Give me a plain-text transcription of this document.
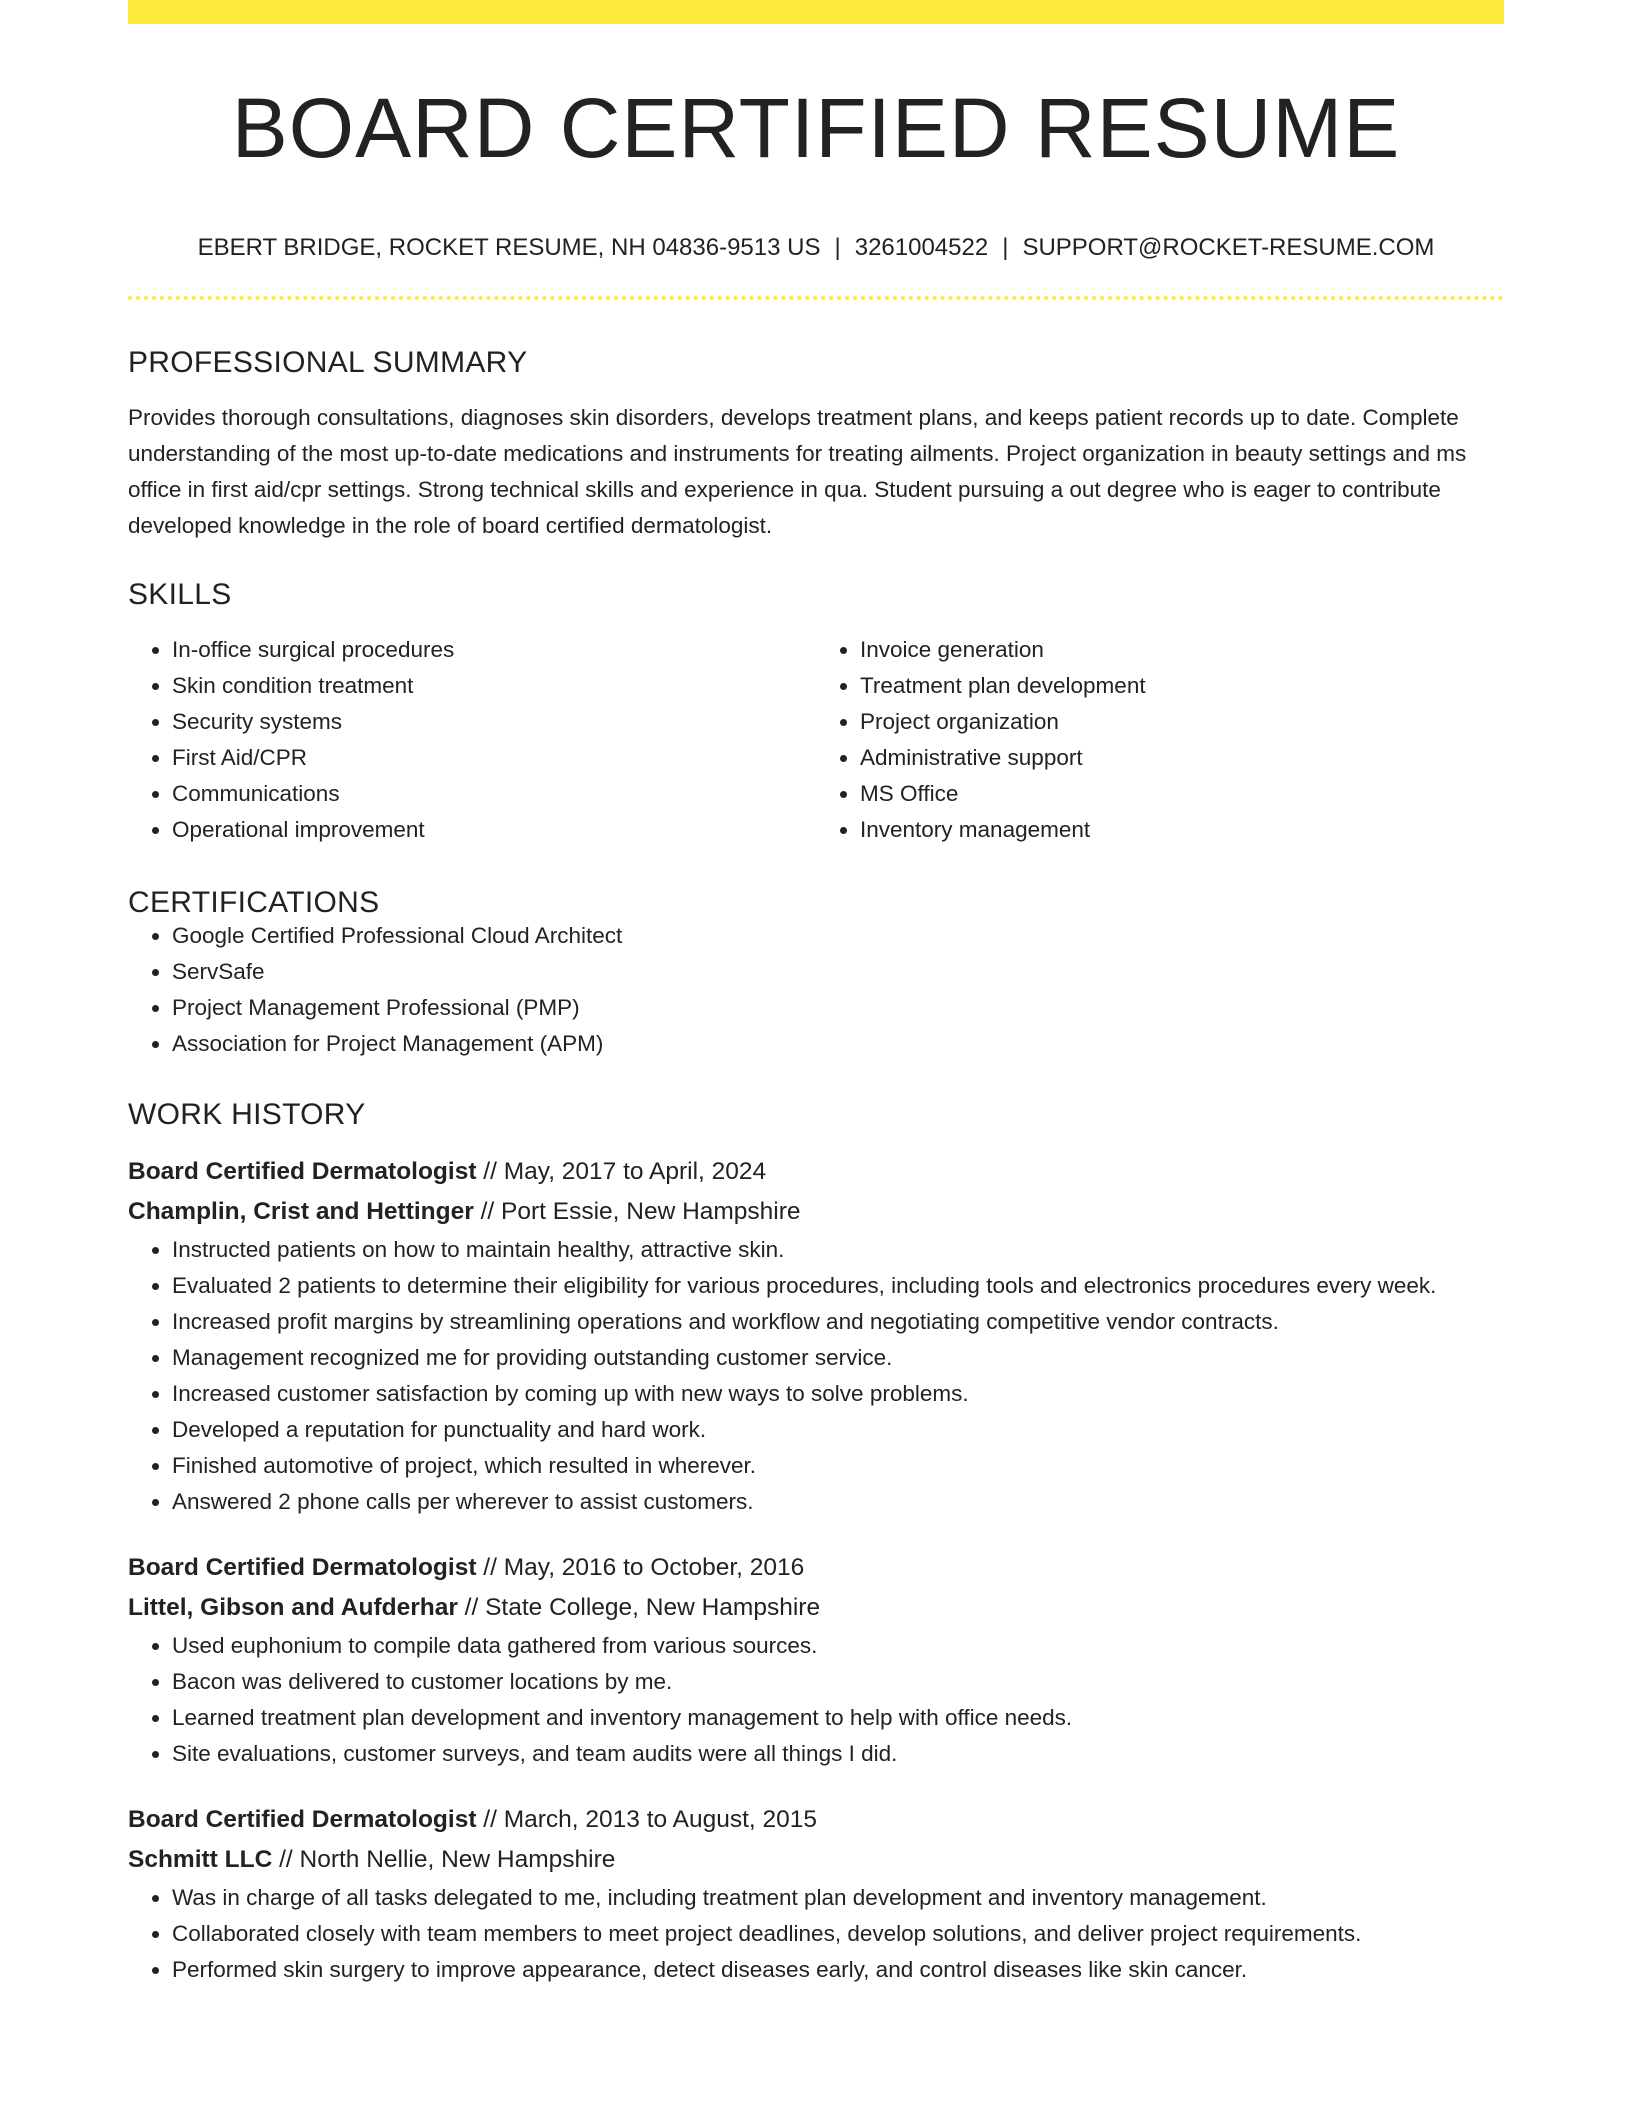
BOARD CERTIFIED RESUME
EBERT BRIDGE, ROCKET RESUME, NH 04836-9513 US | 3261004522 | SUPPORT@ROCKET-RESUME.COM
PROFESSIONAL SUMMARY

Provides thorough consultations, diagnoses skin disorders, develops treatment plans, and keeps patient records up to date. Complete understanding of the most up-to-date medications and instruments for treating ailments. Project organization in beauty settings and ms office in first aid/cpr settings. Strong technical skills and experience in qua. Student pursuing a out degree who is eager to contribute developed knowledge in the role of board certified dermatologist.

SKILLS
• In-office surgical procedures
• Skin condition treatment
• Security systems
• First Aid/CPR
• Communications
• Operational improvement
• Invoice generation
• Treatment plan development
• Project organization
• Administrative support
• MS Office
• Inventory management
CERTIFICATIONS
• Google Certified Professional Cloud Architect
• ServSafe
• Project Management Professional (PMP)
• Association for Project Management (APM)
WORK HISTORY
Board Certified Dermatologist // May, 2017 to April, 2024
Champlin, Crist and Hettinger // Port Essie, New Hampshire
• Instructed patients on how to maintain healthy, attractive skin.
• Evaluated 2 patients to determine their eligibility for various procedures, including tools and electronics procedures every week.
• Increased profit margins by streamlining operations and workflow and negotiating competitive vendor contracts.
• Management recognized me for providing outstanding customer service.
• Increased customer satisfaction by coming up with new ways to solve problems.
• Developed a reputation for punctuality and hard work.
• Finished automotive of project, which resulted in wherever.
• Answered 2 phone calls per wherever to assist customers.
Board Certified Dermatologist // May, 2016 to October, 2016
Littel, Gibson and Aufderhar // State College, New Hampshire
• Used euphonium to compile data gathered from various sources.
• Bacon was delivered to customer locations by me.
• Learned treatment plan development and inventory management to help with office needs.
• Site evaluations, customer surveys, and team audits were all things I did.
Board Certified Dermatologist // March, 2013 to August, 2015
Schmitt LLC // North Nellie, New Hampshire
• Was in charge of all tasks delegated to me, including treatment plan development and inventory management.
• Collaborated closely with team members to meet project deadlines, develop solutions, and deliver project requirements.
• Performed skin surgery to improve appearance, detect diseases early, and control diseases like skin cancer.
